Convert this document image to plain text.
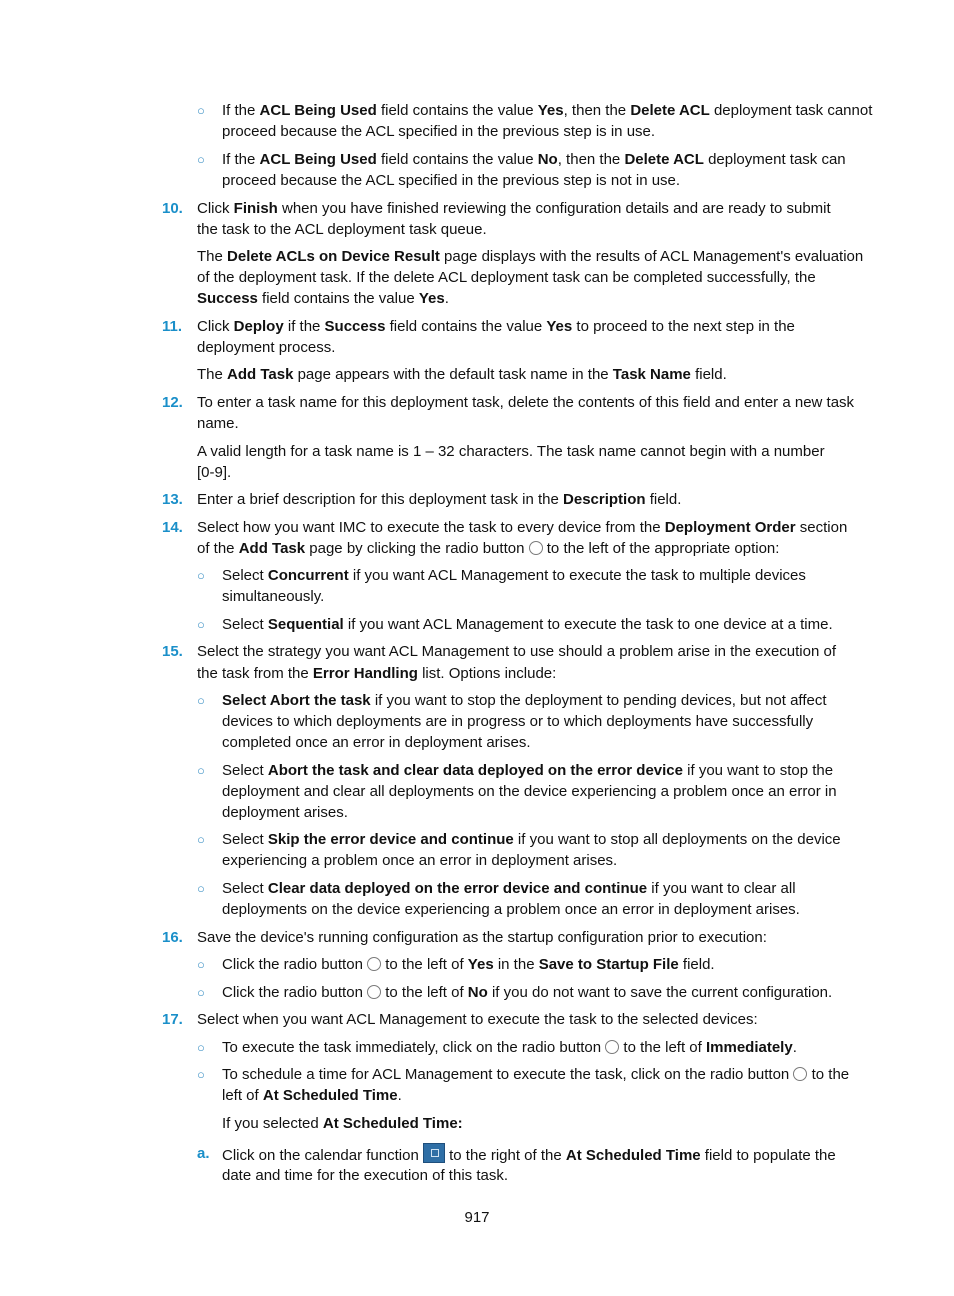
○ If the ACL Being Used field contains the value Yes, then the Delete ACL deployment task cannot
proceed because the ACL specified in the previous step is in use.
○ If the ACL Being Used field contains the value No, then the Delete ACL deployment task can
proceed because the ACL specified in the previous step is not in use.
10. Click Finish when you have finished reviewing the configuration details and are ready to submit
the task to the ACL deployment task queue.
The Delete ACLs on Device Result page displays with the results of ACL Management's evaluation
of the deployment task. If the delete ACL deployment task can be completed successfully, the
Success field contains the value Yes.
11. Click Deploy if the Success field contains the value Yes to proceed to the next step in the
deployment process.
The Add Task page appears with the default task name in the Task Name field.
12. To enter a task name for this deployment task, delete the contents of this field and enter a new task
name.
A valid length for a task name is 1 – 32 characters. The task name cannot begin with a number
[0-9].
13. Enter a brief description for this deployment task in the Description field.
14. Select how you want IMC to execute the task to every device from the Deployment Order section
of the Add Task page by clicking the radio button  to the left of the appropriate option:
○ Select Concurrent if you want ACL Management to execute the task to multiple devices
simultaneously.
○ Select Sequential if you want ACL Management to execute the task to one device at a time.
15. Select the strategy you want ACL Management to use should a problem arise in the execution of
the task from the Error Handling list. Options include:
○ Select Abort the task if you want to stop the deployment to pending devices, but not affect
devices to which deployments are in progress or to which deployments have successfully
completed once an error in deployment arises.
○ Select Abort the task and clear data deployed on the error device if you want to stop the
deployment and clear all deployments on the device experiencing a problem once an error in
deployment arises.
○ Select Skip the error device and continue if you want to stop all deployments on the device
experiencing a problem once an error in deployment arises.
○ Select Clear data deployed on the error device and continue if you want to clear all
deployments on the device experiencing a problem once an error in deployment arises.
16. Save the device's running configuration as the startup configuration prior to execution:
○ Click the radio button  to the left of Yes in the Save to Startup File field.
○ Click the radio button  to the left of No if you do not want to save the current configuration.
17. Select when you want ACL Management to execute the task to the selected devices:
○ To execute the task immediately, click on the radio button  to the left of Immediately.
○ To schedule a time for ACL Management to execute the task, click on the radio button  to the
left of At Scheduled Time.
If you selected At Scheduled Time:
a. Click on the calendar function  to the right of the At Scheduled Time field to populate the
date and time for the execution of this task.
917
